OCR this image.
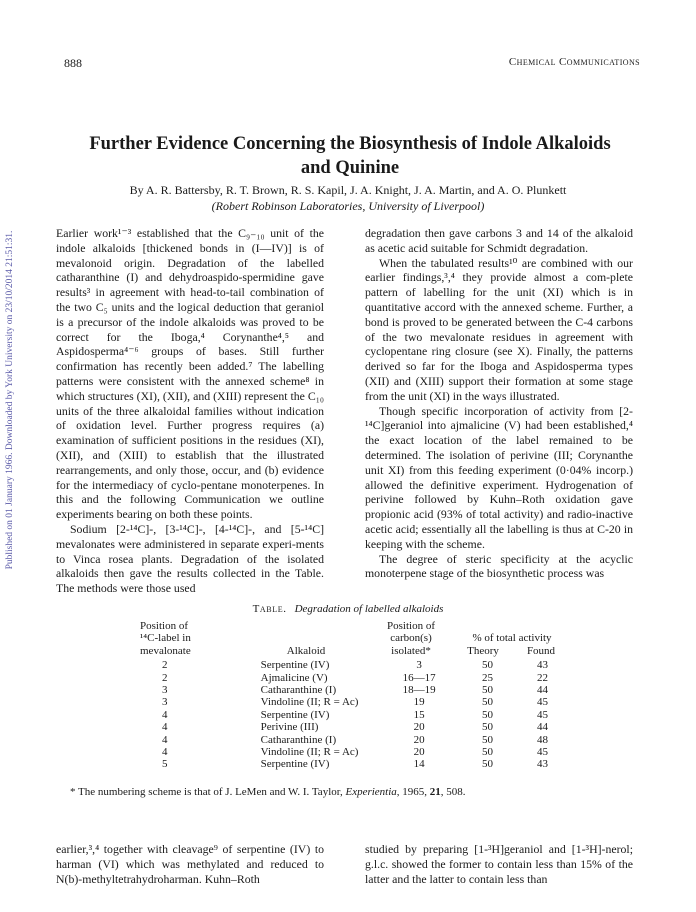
Published on 01 January 1966. Downloaded by York University on 23/10/2014 21:51:31.
888	Chemical Communications
Further Evidence Concerning the Biosynthesis of Indole Alkaloids
and Quinine
By A. R. Battersby, R. T. Brown, R. S. Kapil, J. A. Knight, J. A. Martin, and A. O. Plunkett
(Robert Robinson Laboratories, University of Liverpool)

Earlier work¹⁻³ established that the C₉₋₁₀ unit of the indole alkaloids [thickened bonds in (I—IV)] is of mevalonoid origin. Degradation of the labelled catharanthine (I) and dehydroaspido-spermidine gave results³ in agreement with head-to-tail combination of the two C₅ units and the logical deduction that geraniol is a precursor of the indole alkaloids was proved to be correct for the Iboga,⁴ Corynanthe⁴,⁵ and Aspidosperma⁴⁻⁶ groups of bases. Still further confirmation has recently been added.⁷ The labelling patterns were consistent with the annexed scheme⁸ in which structures (XI), (XII), and (XIII) represent the C₁₀ units of the three alkaloidal families without indication of oxidation level. Further progress requires (a) examination of sufficient positions in the residues (XI), (XII), and (XIII) to establish that the illustrated rearrangements, and only those, occur, and (b) evidence for the intermediacy of cyclo-pentane monoterpenes. In this and the following Communication we outline experiments bearing on both these points.

Sodium [2-¹⁴C]-, [3-¹⁴C]-, [4-¹⁴C]-, and [5-¹⁴C] mevalonates were administered in separate experi-ments to Vinca rosea plants. Degradation of the isolated alkaloids then gave the results collected in the Table. The methods were those used

degradation then gave carbons 3 and 14 of the alkaloid as acetic acid suitable for Schmidt degradation.

When the tabulated results¹⁰ are combined with our earlier findings,³,⁴ they provide almost a com-plete pattern of labelling for the unit (XI) which is in quantitative accord with the annexed scheme. Further, a bond is proved to be generated between the C-4 carbons of the two mevalonate residues in agreement with cyclopentane ring closure (see X). Finally, the patterns derived so far for the Iboga and Aspidosperma types (XII) and (XIII) support their formation at some stage from the unit (XI) in the ways illustrated.

Though specific incorporation of activity from [2-¹⁴C]geraniol into ajmalicine (V) had been established,⁴ the exact location of the label remained to be determined. The isolation of perivine (III; Corynanthe unit XI) from this feeding experiment (0·04% incorp.) allowed the definitive experiment. Hydrogenation of perivine followed by Kuhn–Roth oxidation gave propionic acid (93% of total activity) and radio-inactive acetic acid; essentially all the labelling is thus at C-20 in keeping with the scheme.

The degree of steric specificity at the acyclic monoterpene stage of the biosynthetic process was

Table. Degradation of labelled alkaloids
Position of
¹⁴C-label in
mevalonate	Alkaloid
Position of
carbon(s)
isolated*
% of total activity
Theory	Found
2	Serpentine (IV)	3	50	43
2	Ajmalicine (V)	16—17	25	22
3	Catharanthine (I)	18—19	50	44
3	Vindoline (II; R = Ac)	19	50	45
4	Serpentine (IV)	15	50	45
4	Perivine (III)	20	50	44
4	Catharanthine (I)	20	50	48
4	Vindoline (II; R = Ac)	20	50	45
5	Serpentine (IV)	14	50	43
* The numbering scheme is that of J. LeMen and W. I. Taylor, Experientia, 1965, 21, 508.

earlier,³,⁴ together with cleavage⁹ of serpentine (IV) to harman (VI) which was methylated and reduced to N(b)-methyltetrahydroharman. Kuhn–Roth

studied by preparing [1-³H]geraniol and [1-³H]-nerol; g.l.c. showed the former to contain less than 15% of the latter and the latter to contain less than
